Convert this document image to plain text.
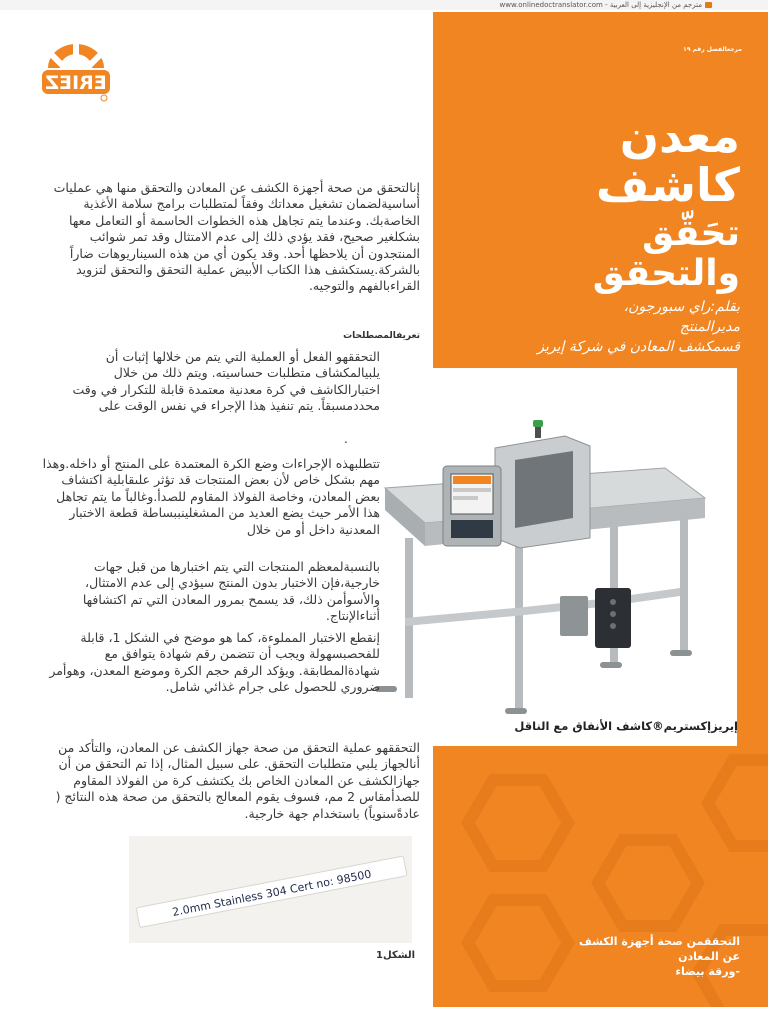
مترجم من الإنجليزية إلى العربية - www.onlinedoctranslator.com
ERIEZ
مرجعالفصل رقم ١٩
معدن
كاشف
تحَقّق
والتحقق
بقلم:راي سبورجون،
مديرالمنتج
قسمكشف المعادن في شركة إيريز
إيريزإكستريم®كاشف الأنفاق مع الناقل
التحققمن صحة أجهزة الكشف عن المعادن
-ورقة بيضاء
إنالتحقق من صحة أجهزة الكشف عن المعادن والتحقق منها هي عمليات أساسيةلضمان تشغيل معداتك وفقاً لمتطلبات برامج سلامة الأغذية الخاصةبك. وعندما يتم تجاهل هذه الخطوات الحاسمة أو التعامل معها بشكلغير صحيح، فقد يؤدي ذلك إلى عدم الامتثال وقد تمر شوائب المنتجدون أن يلاحظها أحد. وقد يكون أي من هذه السيناريوهات ضاراً بالشركة.يستكشف هذا الكتاب الأبيض عملية التحقق والتحقق لتزويد القراءبالفهم والتوجيه.
تعريفالمصطلحات
التحققهو الفعل أو العملية التي يتم من خلالها إثبات أن يلبيالمكشاف متطلبات حساسيته. ويتم ذلك من خلال اختبارالكاشف في كرة معدنية معتمدة قابلة للتكرار في وقت محددمسبقاً. يتم تنفيذ هذا الإجراء في نفس الوقت على
.
تتطلبهذه الإجراءات وضع الكرة المعتمدة على المنتج أو داخله.وهذا مهم بشكل خاص لأن بعض المنتجات قد تؤثر علىقابلية اكتشاف بعض المعادن، وخاصة الفولاذ المقاوم للصدأ.وغالباً ما يتم تجاهل هذا الأمر حيث يضع العديد من المشغلينببساطة قطعة الاختبار المعدنية داخل أو من خلال
بالنسبةلمعظم المنتجات التي يتم اختبارها من قبل جهات خارجية،فإن الاختبار بدون المنتج سيؤدي إلى عدم الامتثال، والأسوأمن ذلك، قد يسمح بمرور المعادن التي تم اكتشافها أثناءالإنتاج.
إنقطع الاختبار المملوءة، كما هو موضح في الشكل 1، قابلة للفحصبسهولة ويجب أن تتضمن رقم شهادة يتوافق مع شهادةالمطابقة. ويؤكد الرقم حجم الكرة وموضع المعدن، وهوأمر ضروري للحصول على جرام غذائي شامل.
التحققهو عملية التحقق من صحة جهاز الكشف عن المعادن، والتأكد من أنالجهاز يلبي متطلبات التحقق. على سبيل المثال، إذا تم التحقق من أن جهازالكشف عن المعادن الخاص بك يكتشف كرة من الفولاذ المقاوم للصدأمقاس 2 مم، فسوف يقوم المعالج بالتحقق من صحة هذه النتائج ( عادةًسنوياً) باستخدام جهة خارجية.
2.0mm Stainless 304 Cert no: 98500
الشكل1
